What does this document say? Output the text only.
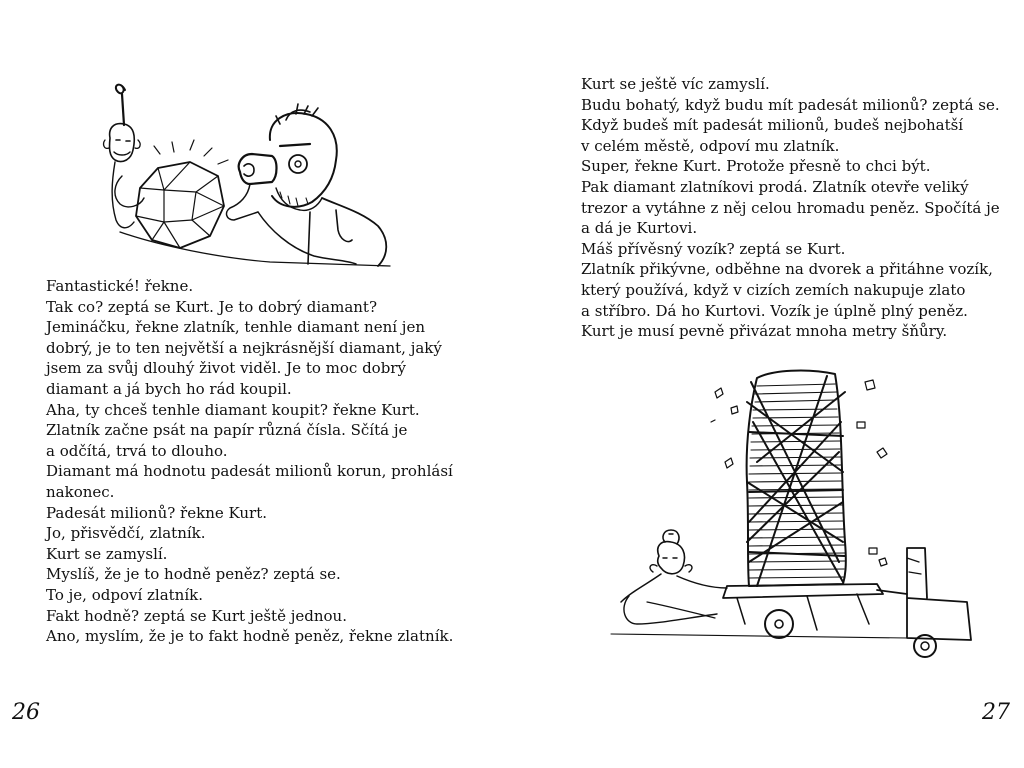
Fantastické! řekne.

Tak co? zeptá se Kurt. Je to dobrý diamant?

Jemináčku, řekne zlatník, tenhle diamant není jen

dobrý, je to ten největší a nejkrásnější diamant, jaký

jsem za svůj dlouhý život viděl. Je to moc dobrý

diamant a já bych ho rád koupil.

Aha, ty chceš tenhle diamant koupit? řekne Kurt.

Zlatník začne psát na papír různá čísla. Sčítá je

a odčítá, trvá to dlouho.

Diamant má hodnotu padesát milionů korun, prohlásí

nakonec.

Padesát milionů? řekne Kurt.

Jo, přisvědčí, zlatník.

Kurt se zamyslí.

Myslíš, že je to hodně peněz? zeptá se.

To je, odpoví zlatník.

Fakt hodně? zeptá se Kurt ještě jednou.

Ano, myslím, že je to fakt hodně peněz, řekne zlatník.

26

Kurt se ještě víc zamyslí.

Budu bohatý, když budu mít padesát milionů? zeptá se.

Když budeš mít padesát milionů, budeš nejbohatší

v celém městě, odpoví mu zlatník.

Super, řekne Kurt. Protože přesně to chci být.

Pak diamant zlatníkovi prodá. Zlatník otevře veliký

trezor a vytáhne z něj celou hromadu peněz. Spočítá je

a dá je Kurtovi.

Máš přívěsný vozík? zeptá se Kurt.

Zlatník přikývne, odběhne na dvorek a přitáhne vozík,

který používá, když v cizích zemích nakupuje zlato

a stříbro. Dá ho Kurtovi. Vozík je úplně plný peněz.

Kurt je musí pevně přivázat mnoha metry šňůry.

27
